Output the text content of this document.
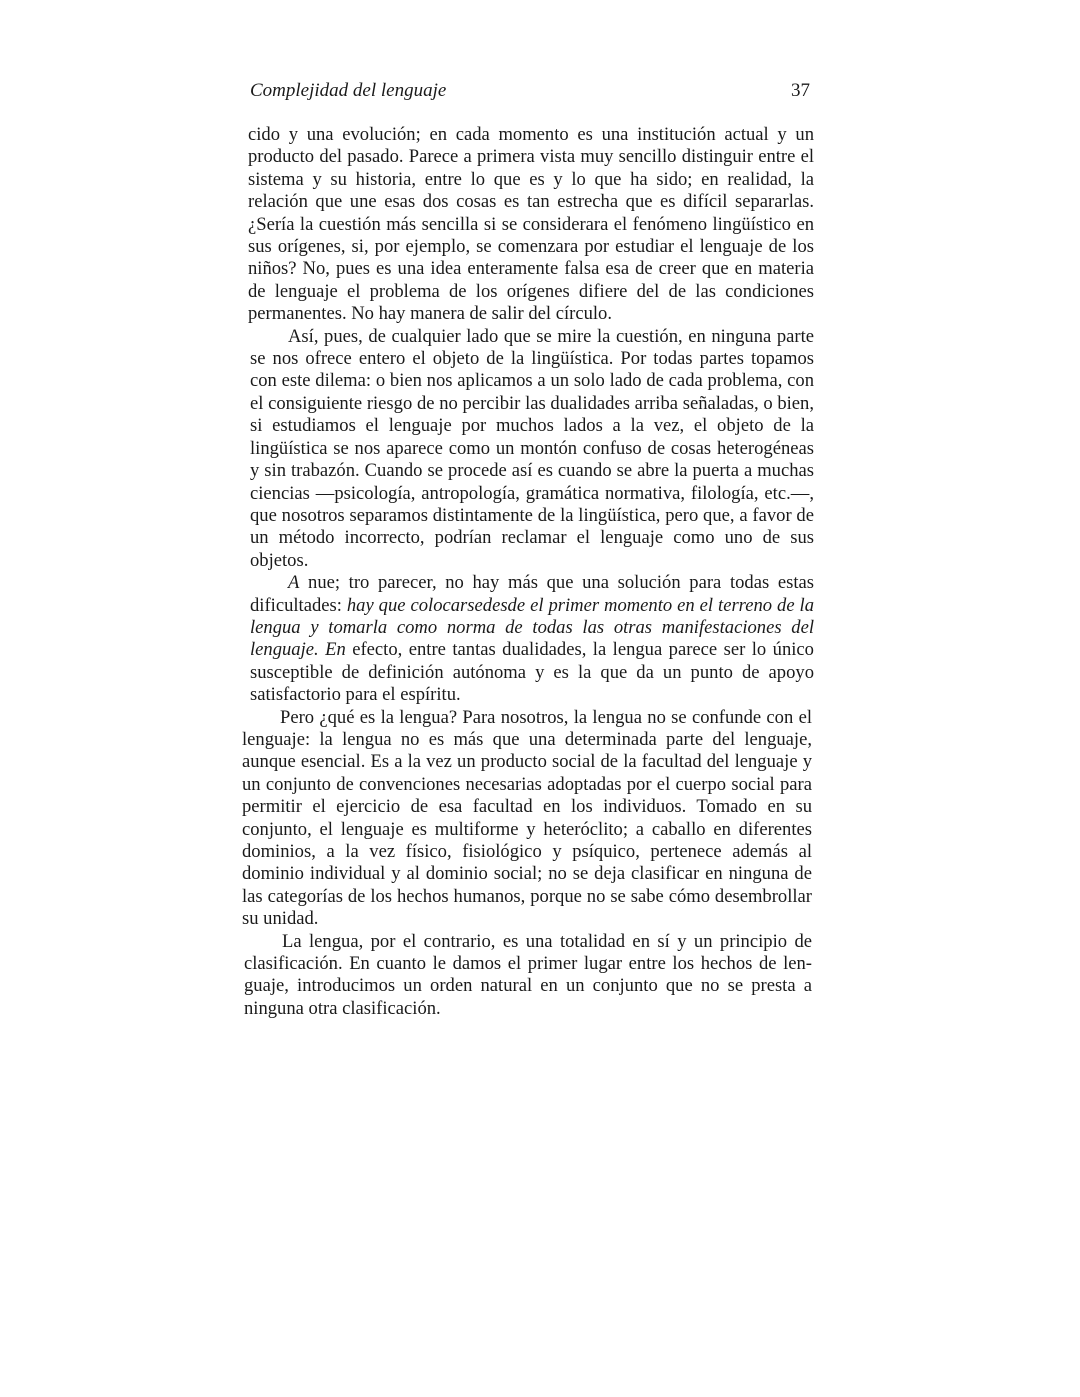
Complejidad del lenguaje	37

cido y una evolución; en cada momento es una institución actual y un producto del pasado. Parece a primera vista muy sencillo distinguir entre el sistema y su historia, entre lo que es y lo que ha sido; en realidad, la relación que une esas dos cosas es tan estrecha que es difícil separarlas. ¿Sería la cuestión más sencilla si se considerara el fenómeno lingüístico en sus orígenes, si, por ejemplo, se comenzara por estudiar el lenguaje de los niños? No, pues es una idea enteramente falsa esa de creer que en materia de lenguaje el problema de los orígenes difiere del de las condiciones permanentes. No hay manera de salir del círculo.

Así, pues, de cualquier lado que se mire la cuestión, en ninguna parte se nos ofrece entero el objeto de la lingüística. Por todas partes topamos con este dilema: o bien nos aplicamos a un solo lado de cada problema, con el consiguiente riesgo de no percibir las dualidades arriba señaladas, o bien, si estudiamos el lenguaje por muchos lados a la vez, el objeto de la lingüística se nos aparece como un montón confuso de cosas heterogéneas y sin trabazón. Cuando se procede así es cuando se abre la puerta a muchas ciencias —psicología, antropología, gramática normativa, filología, etc.—, que nosotros separamos distintamente de la lingüística, pero que, a favor de un método incorrecto, podrían reclamar el lenguaje como uno de sus objetos.

A nue; tro parecer, no hay más que una solución para todas estas dificultades: hay que colocarsedesde el primer momento en el terreno de la lengua y tomarla como norma de todas las otras manifestaciones del lenguaje. En efecto, entre tantas dualidades, la lengua parece ser lo único susceptible de definición autónoma y es la que da un punto de apoyo satisfactorio para el espíritu.

Pero ¿qué es la lengua? Para nosotros, la lengua no se confunde con el lenguaje: la lengua no es más que una determinada parte del lenguaje, aunque esencial. Es a la vez un producto social de la facultad del lenguaje y un conjunto de convenciones necesarias adoptadas por el cuerpo social para permitir el ejercicio de esa facultad en los individuos. Tomado en su conjunto, el lenguaje es multiforme y heteróclito; a caballo en diferentes dominios, a la vez físico, fisiológico y psíquico, pertenece además al dominio individual y al dominio social; no se deja clasificar en ninguna de las categorías de los hechos humanos, porque no se sabe cómo desembrollar su unidad.

La lengua, por el contrario, es una totalidad en sí y un principio de clasificación. En cuanto le damos el primer lugar entre los hechos de len-guaje, introducimos un orden natural en un conjunto que no se presta a ninguna otra clasificación.
